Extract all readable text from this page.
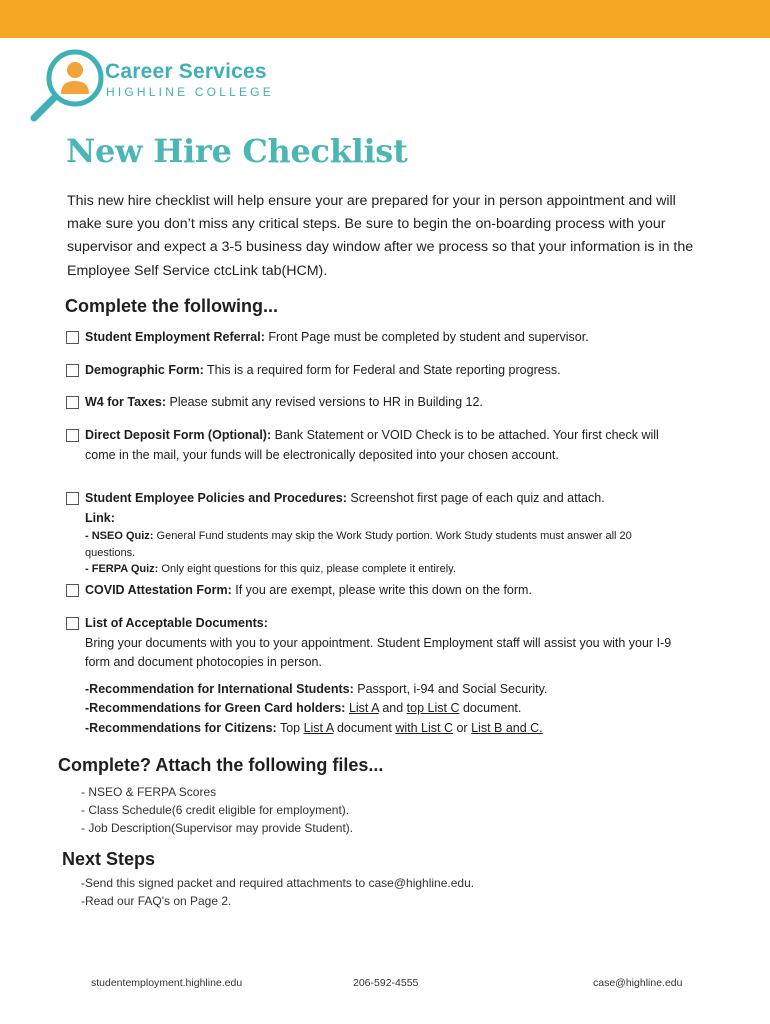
Career Services
HIGHLINE COLLEGE
New Hire Checklist

This new hire checklist will help ensure your are prepared for your in person appointment and will make sure you don’t miss any critical steps. Be sure to begin the on-boarding process with your supervisor and expect a 3-5 business day window after we process so that your information is in the Employee Self Service ctcLink tab(HCM).

Complete the following...
Student Employment Referral: Front Page must be completed by student and supervisor.
Demographic Form: This is a required form for Federal and State reporting progress.
W4 for Taxes: Please submit any revised versions to HR in Building 12.
Direct Deposit Form (Optional): Bank Statement or VOID Check is to be attached. Your first check will come in the mail, your funds will be electronically deposited into your chosen account.
Student Employee Policies and Procedures: Screenshot first page of each quiz and attach.
Link:
- NSEO Quiz: General Fund students may skip the Work Study portion. Work Study students must answer all 20 questions.
- FERPA Quiz: Only eight questions for this quiz, please complete it entirely.
COVID Attestation Form: If you are exempt, please write this down on the form.
List of Acceptable Documents:
Bring your documents with you to your appointment. Student Employment staff will assist you with your I-9 form and document photocopies in person.
-Recommendation for International Students: Passport, i-94 and Social Security.
-Recommendations for Green Card holders: List A and top List C document.
-Recommendations for Citizens: Top List A document with List C or List B and C.
Complete? Attach the following files...
- NSEO & FERPA Scores
- Class Schedule(6 credit eligible for employment).
- Job Description(Supervisor may provide Student).
Next Steps
-Send this signed packet and required attachments to case@highline.edu.
-Read our FAQ's on Page 2.
studentemployment.highline.edu	206-592-4555	case@highline.edu
